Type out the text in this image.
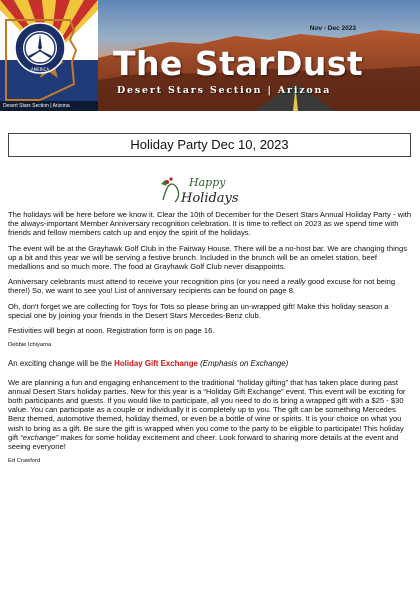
AMERICA
Desert Stars Section | Arizona
Nov - Dec 2023
The StarDust
Desert Stars Section | Arizona
Holiday Party Dec 10, 2023
Happy
Holidays

The holidays will be here before we know it. Clear the 10th of December for the Desert Stars Annual Holiday Party - with the always-important Member Anniversary recognition celebration. It is time to reflect on 2023 as we spend time with friends and fellow members catch up and enjoy the spirit of the holidays.

The event will be at the Grayhawk Golf Club in the Fairway House. There will be a no-host bar. We are changing things up a bit and this year we will be serving a festive brunch. Included in the brunch will be an omelet station, beef medallions and so much more. The food at Grayhawk Golf Club never disappoints.

Anniversary celebrants must attend to receive your recognition pins (or you need a really good excuse for not being there!) So, we want to see you! List of anniversary recipients can be found on page 8.

Oh, don't forget we are collecting for Toys for Tots so please bring an un-wrapped gift! Make this holiday season a special one by joining your friends in the Desert Stars Mercedes-Benz club.

Festivities will begin at noon. Registration form is on page 16.

Debbie Ichiyama

An exciting change will be the Holiday Gift Exchange (Emphasis on Exchange)

We are planning a fun and engaging enhancement to the traditional “holiday gifting” that has taken place during past annual Desert Stars holiday parties. New for this year is a “Holiday Gift Exchange” event. This event will be exciting for both participants and guests. If you would like to participate, all you need to do is bring a wrapped gift with a $25 - $30 value. You can participate as a couple or individually it is completely up to you. The gift can be something Mercedes Benz themed, automotive themed, holiday themed, or even be a bottle of wine or spirits. It is your choice on what you wish to bring as a gift. Be sure the gift is wrapped when you come to the party to be eligible to participate! This holiday gift “exchange” makes for some holiday excitement and cheer. Look forward to sharing more details at the event and seeing everyone!

Ed Crawford
